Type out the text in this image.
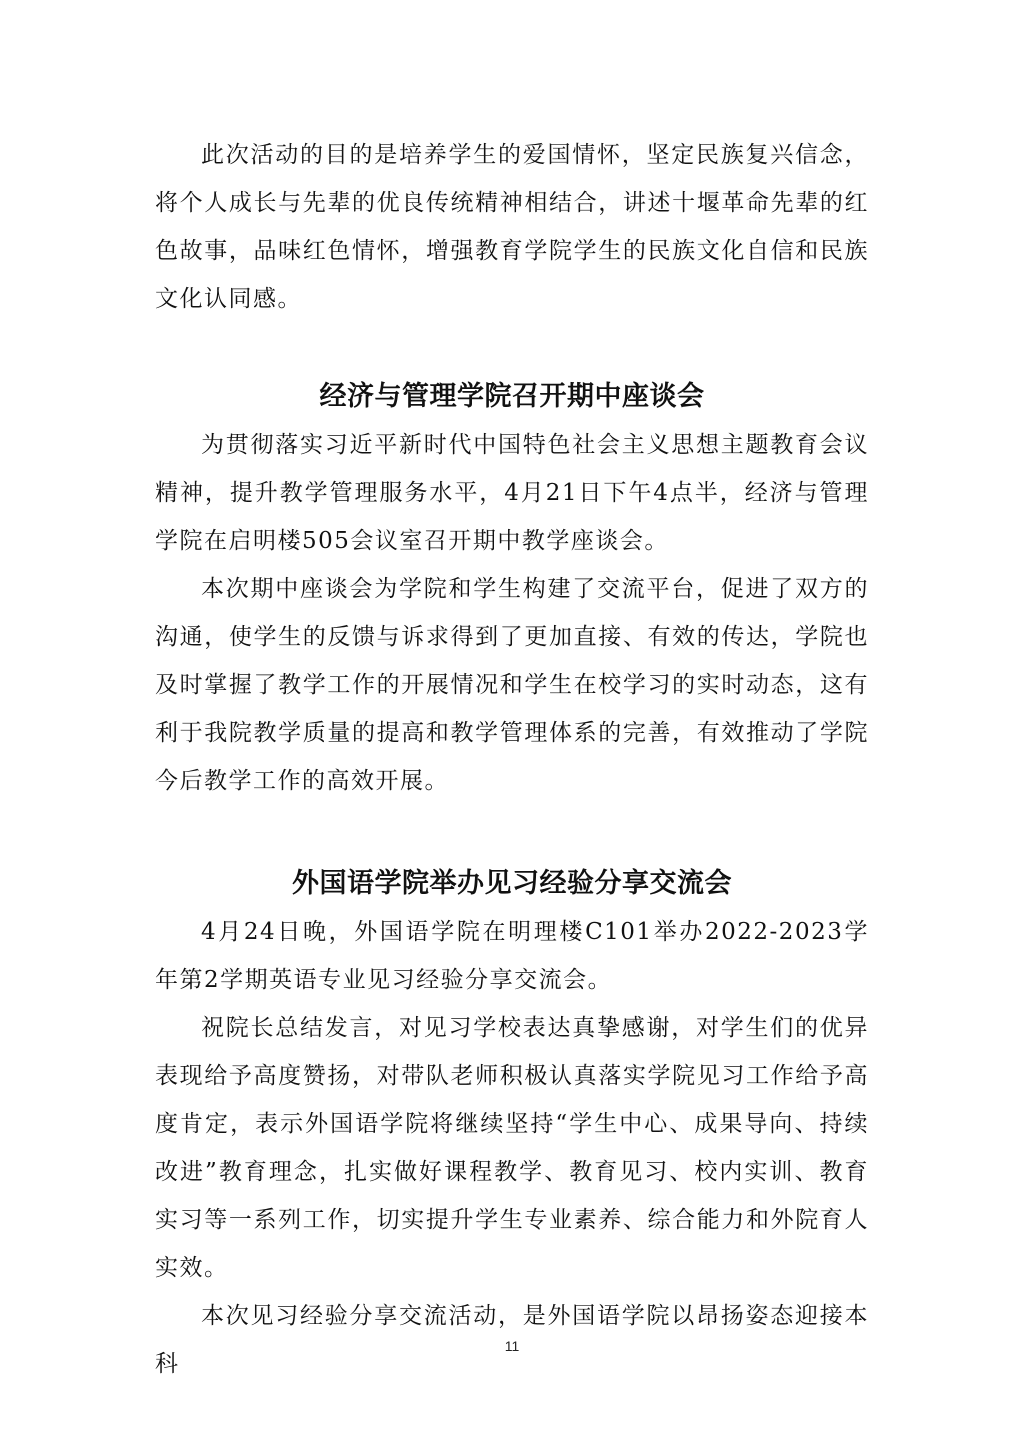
此次活动的目的是培养学生的爱国情怀，坚定民族复兴信念，将个人成长与先辈的优良传统精神相结合，讲述十堰革命先辈的红色故事，品味红色情怀，增强教育学院学生的民族文化自信和民族文化认同感。

经济与管理学院召开期中座谈会

为贯彻落实习近平新时代中国特色社会主义思想主题教育会议精神，提升教学管理服务水平，4月21日下午4点半，经济与管理学院在启明楼505会议室召开期中教学座谈会。

本次期中座谈会为学院和学生构建了交流平台，促进了双方的沟通，使学生的反馈与诉求得到了更加直接、有效的传达，学院也及时掌握了教学工作的开展情况和学生在校学习的实时动态，这有利于我院教学质量的提高和教学管理体系的完善，有效推动了学院今后教学工作的高效开展。

外国语学院举办见习经验分享交流会

4月24日晚，外国语学院在明理楼C101举办2022-2023学年第2学期英语专业见习经验分享交流会。

祝院长总结发言，对见习学校表达真挚感谢，对学生们的优异表现给予高度赞扬，对带队老师积极认真落实学院见习工作给予高度肯定，表示外国语学院将继续坚持“学生中心、成果导向、持续改进”教育理念，扎实做好课程教学、教育见习、校内实训、教育实习等一系列工作，切实提升学生专业素养、综合能力和外院育人实效。

本次见习经验分享交流活动，是外国语学院以昂扬姿态迎接本科

11
